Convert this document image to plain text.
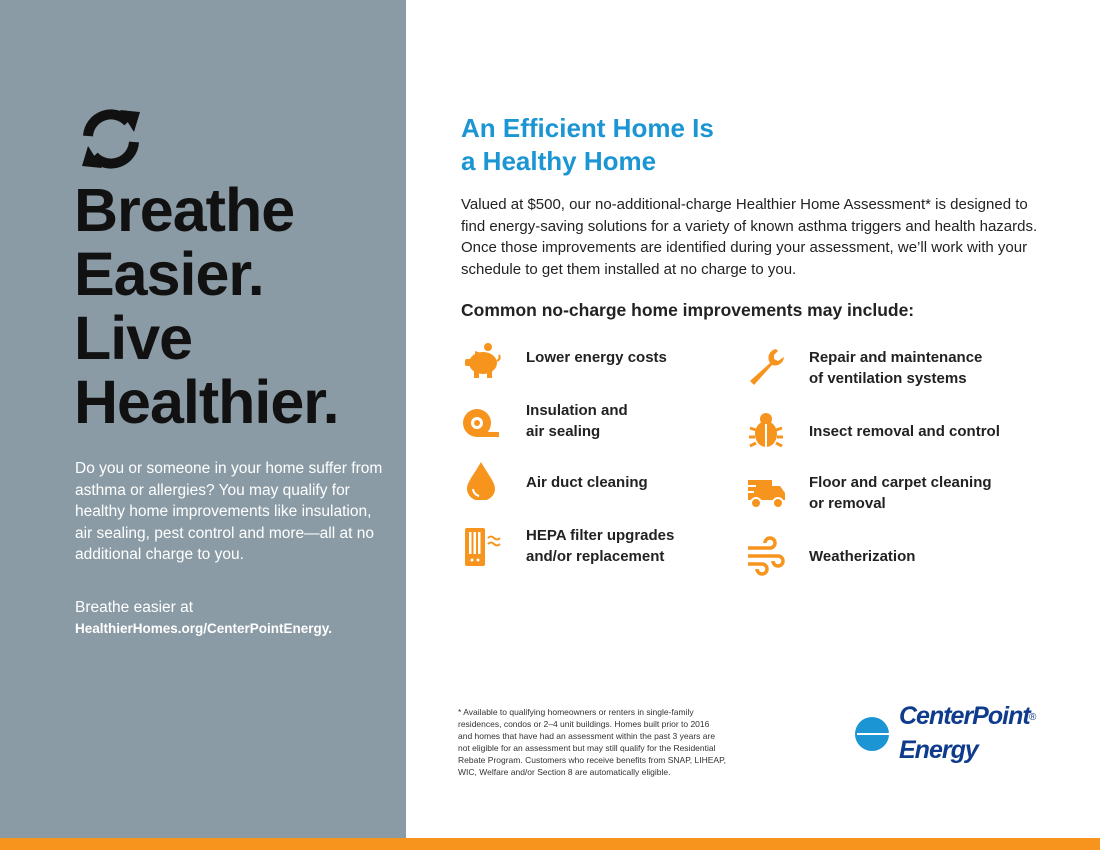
Breathe
Easier.
Live
Healthier.

Do you or someone in your home suffer from asthma or allergies? You may qualify for healthy home improvements like insulation, air sealing, pest control and more—all at no additional charge to you.

Breathe easier at
HealthierHomes.org/CenterPointEnergy.

An Efficient Home Is
a Healthy Home

Valued at $500, our no-additional-charge Healthier Home Assessment* is designed to find energy-saving solutions for a variety of known asthma triggers and health hazards. Once those improvements are identified during your assessment, we’ll work with your schedule to get them installed at no charge to you.

Common no-charge home improvements may include:
Lower energy costs
Insulation and
air sealing
Air duct cleaning
HEPA filter upgrades
and/or replacement
Repair and maintenance
of ventilation systems
Insect removal and control
Floor and carpet cleaning
or removal
Weatherization

* Available to qualifying homeowners or renters in single-family
residences, condos or 2–4 unit buildings. Homes built prior to 2016
and homes that have had an assessment within the past 3 years are
not eligible for an assessment but may still qualify for the Residential
Rebate Program. Customers who receive benefits from SNAP, LIHEAP,
WIC, Welfare and/or Section 8 are automatically eligible.

CenterPoint
Energy
®
